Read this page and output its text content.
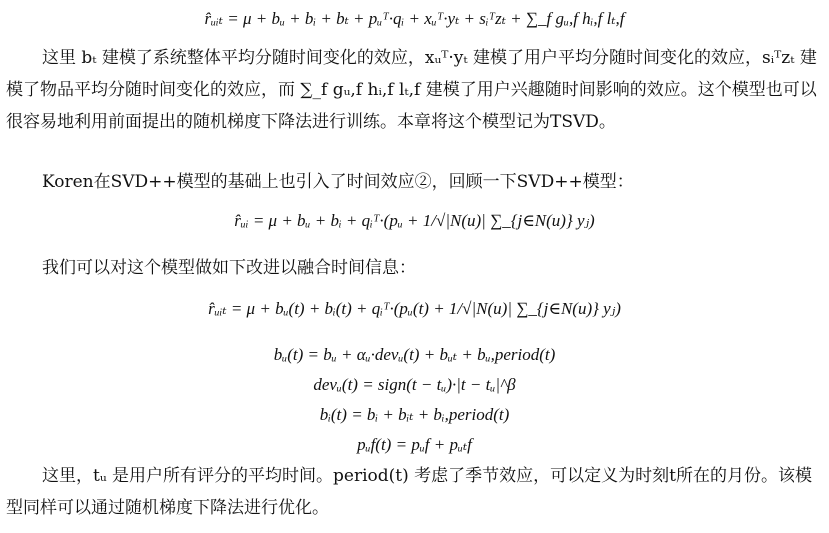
r̂ᵤᵢₜ = μ + bᵤ + bᵢ + bₜ + pᵤᵀ·qᵢ + xᵤᵀ·yₜ + sᵢᵀzₜ + ∑_f gᵤ,f hᵢ,f lₜ,f

这里 bₜ 建模了系统整体平均分随时间变化的效应，xᵤᵀ·yₜ 建模了用户平均分随时间变化的效应，sᵢᵀzₜ 建模了物品平均分随时间变化的效应，而 ∑_f gᵤ,f hᵢ,f lₜ,f 建模了用户兴趣随时间影响的效应。这个模型也可以很容易地利用前面提出的随机梯度下降法进行训练。本章将这个模型记为TSVD。

Koren在SVD++模型的基础上也引入了时间效应②，回顾一下SVD++模型：

r̂ᵤᵢ = μ + bᵤ + bᵢ + qᵢᵀ·(pᵤ + 1/√|N(u)| ∑_{j∈N(u)} yⱼ)

我们可以对这个模型做如下改进以融合时间信息：

r̂ᵤᵢₜ = μ + bᵤ(t) + bᵢ(t) + qᵢᵀ·(pᵤ(t) + 1/√|N(u)| ∑_{j∈N(u)} yⱼ)
bᵤ(t) = bᵤ + αᵤ·devᵤ(t) + bᵤₜ + bᵤ,period(t)
devᵤ(t) = sign(t − tᵤ)·|t − tᵤ|^β
bᵢ(t) = bᵢ + bᵢₜ + bᵢ,period(t)
pᵤf(t) = pᵤf + pᵤₜf

这里，tᵤ 是用户所有评分的平均时间。period(t) 考虑了季节效应，可以定义为时刻t所在的月份。该模型同样可以通过随机梯度下降法进行优化。
